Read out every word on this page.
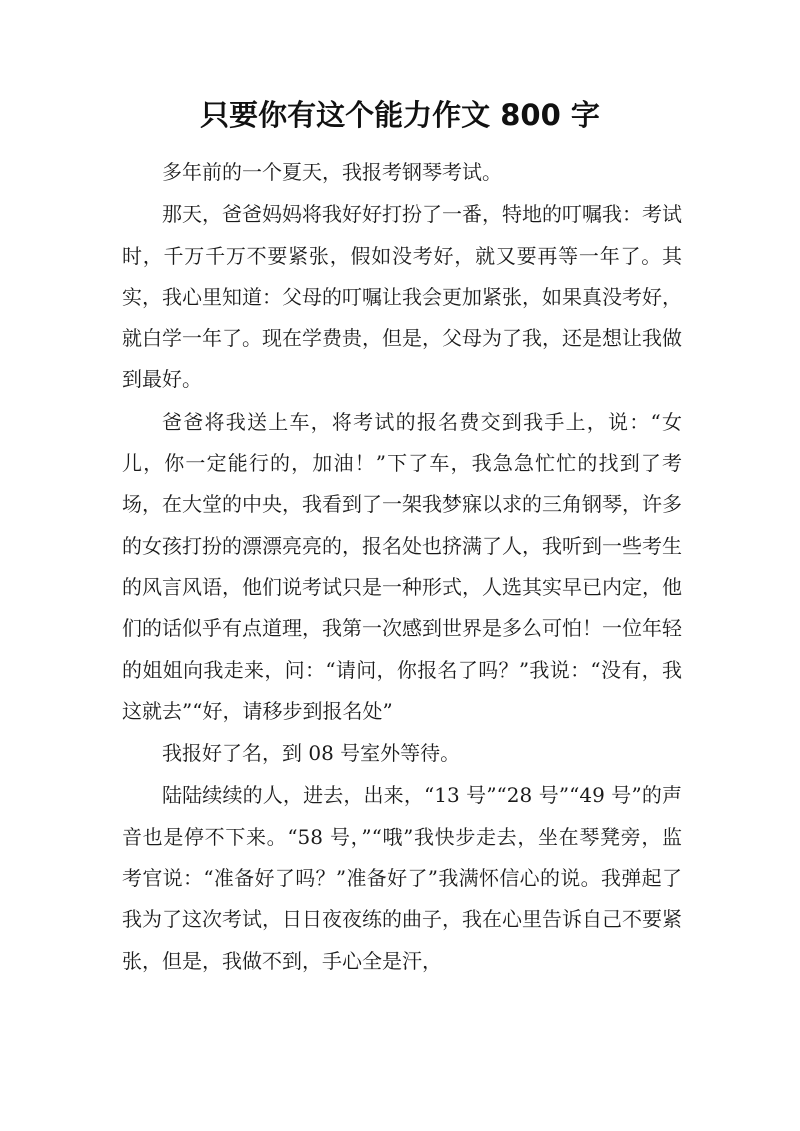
只要你有这个能力作文 800 字

多年前的一个夏天，我报考钢琴考试。

那天，爸爸妈妈将我好好打扮了一番，特地的叮嘱我：考试时，千万千万不要紧张，假如没考好，就又要再等一年了。其实，我心里知道：父母的叮嘱让我会更加紧张，如果真没考好，就白学一年了。现在学费贵，但是，父母为了我，还是想让我做到最好。

爸爸将我送上车，将考试的报名费交到我手上，说：“女儿，你一定能行的，加油！”下了车，我急急忙忙的找到了考场，在大堂的中央，我看到了一架我梦寐以求的三角钢琴，许多的女孩打扮的漂漂亮亮的，报名处也挤满了人，我听到一些考生的风言风语，他们说考试只是一种形式，人选其实早已内定，他们的话似乎有点道理，我第一次感到世界是多么可怕！一位年轻的姐姐向我走来，问：“请问，你报名了吗？”我说：“没有，我这就去”“好，请移步到报名处”

我报好了名，到 08 号室外等待。

陆陆续续的人，进去，出来，“13 号”“28 号”“49 号”的声音也是停不下来。“58 号，”“哦”我快步走去，坐在琴凳旁，监考官说：“准备好了吗？”准备好了”我满怀信心的说。我弹起了我为了这次考试，日日夜夜练的曲子，我在心里告诉自己不要紧张，但是，我做不到，手心全是汗，
